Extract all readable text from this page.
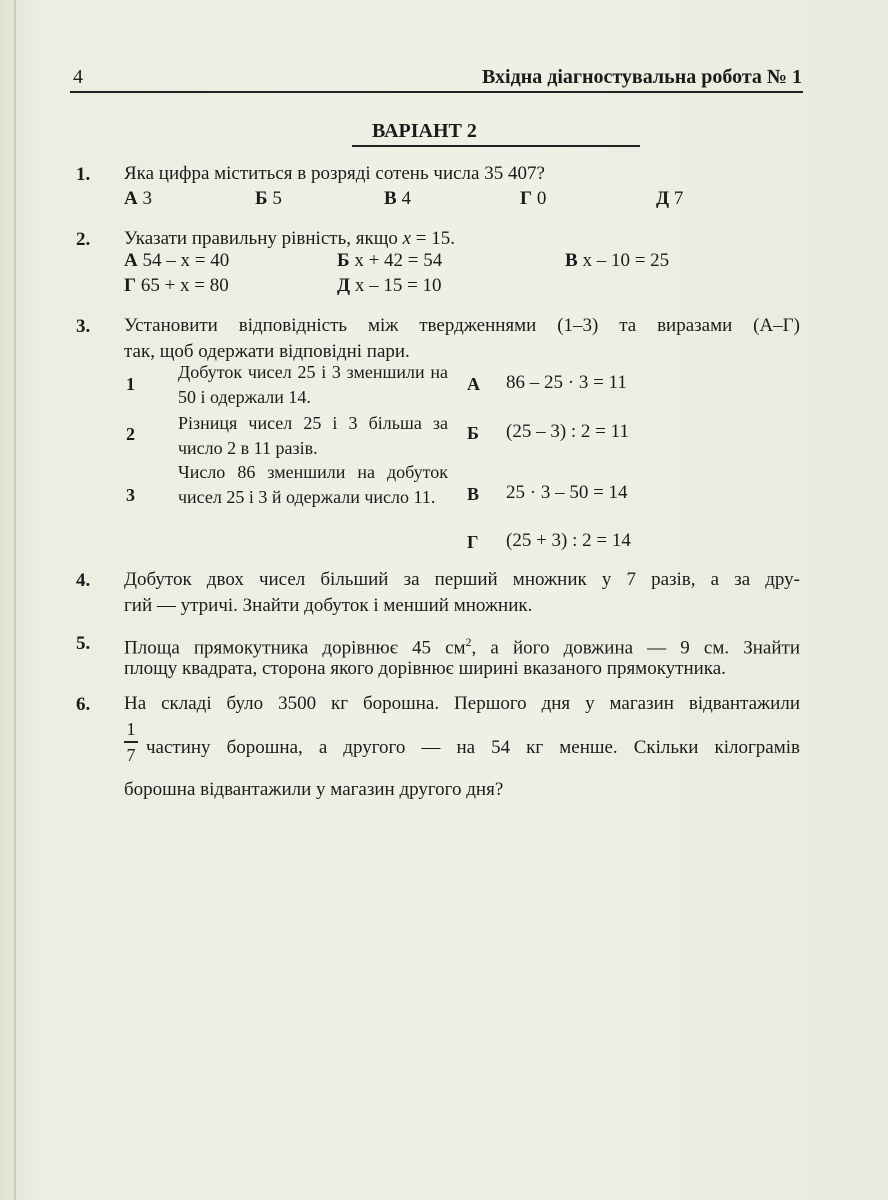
4	Вхідна діагностувальна робота № 1
ВАРІАНТ 2
1. Яка цифра міститься в розряді сотень числа 35 407?
А 3	Б 5	В 4	Г 0	Д 7
2. Указати правильну рівність, якщо x = 15.
А 54 – x = 40	Б x + 42 = 54	В x – 10 = 25
Г 65 + x = 80	Д x – 15 = 10
3. Установити відповідність між твердженнями (1–3) та виразами (А–Г)
так, щоб одержати відповідні пари.
1
Добуток чисел 25 і 3 зменшили на 50 і одержали 14.
2
Різниця чисел 25 і 3 більша за число 2 в 11 разів.
3
Число 86 зменшили на добуток чисел 25 і 3 й одержали число 11.
А 86 – 25 · 3 = 11
Б (25 – 3) : 2 = 11
В 25 · 3 – 50 = 14
Г (25 + 3) : 2 = 14
4. Добуток двох чисел більший за перший множник у 7 разів, а за дру-
гий — утричі. Знайти добуток і менший множник.
5. Площа прямокутника дорівнює 45 $см^2$, а його довжина — 9 см. Знайти
площу квадрата, сторона якого дорівнює ширині вказаного прямокутника.
6. На складі було 3500 кг борошна. Першого дня у магазин відвантажили
1
7 частину борошна, а другого — на 54 кг менше. Скільки кілограмів
борошна відвантажили у магазин другого дня?
